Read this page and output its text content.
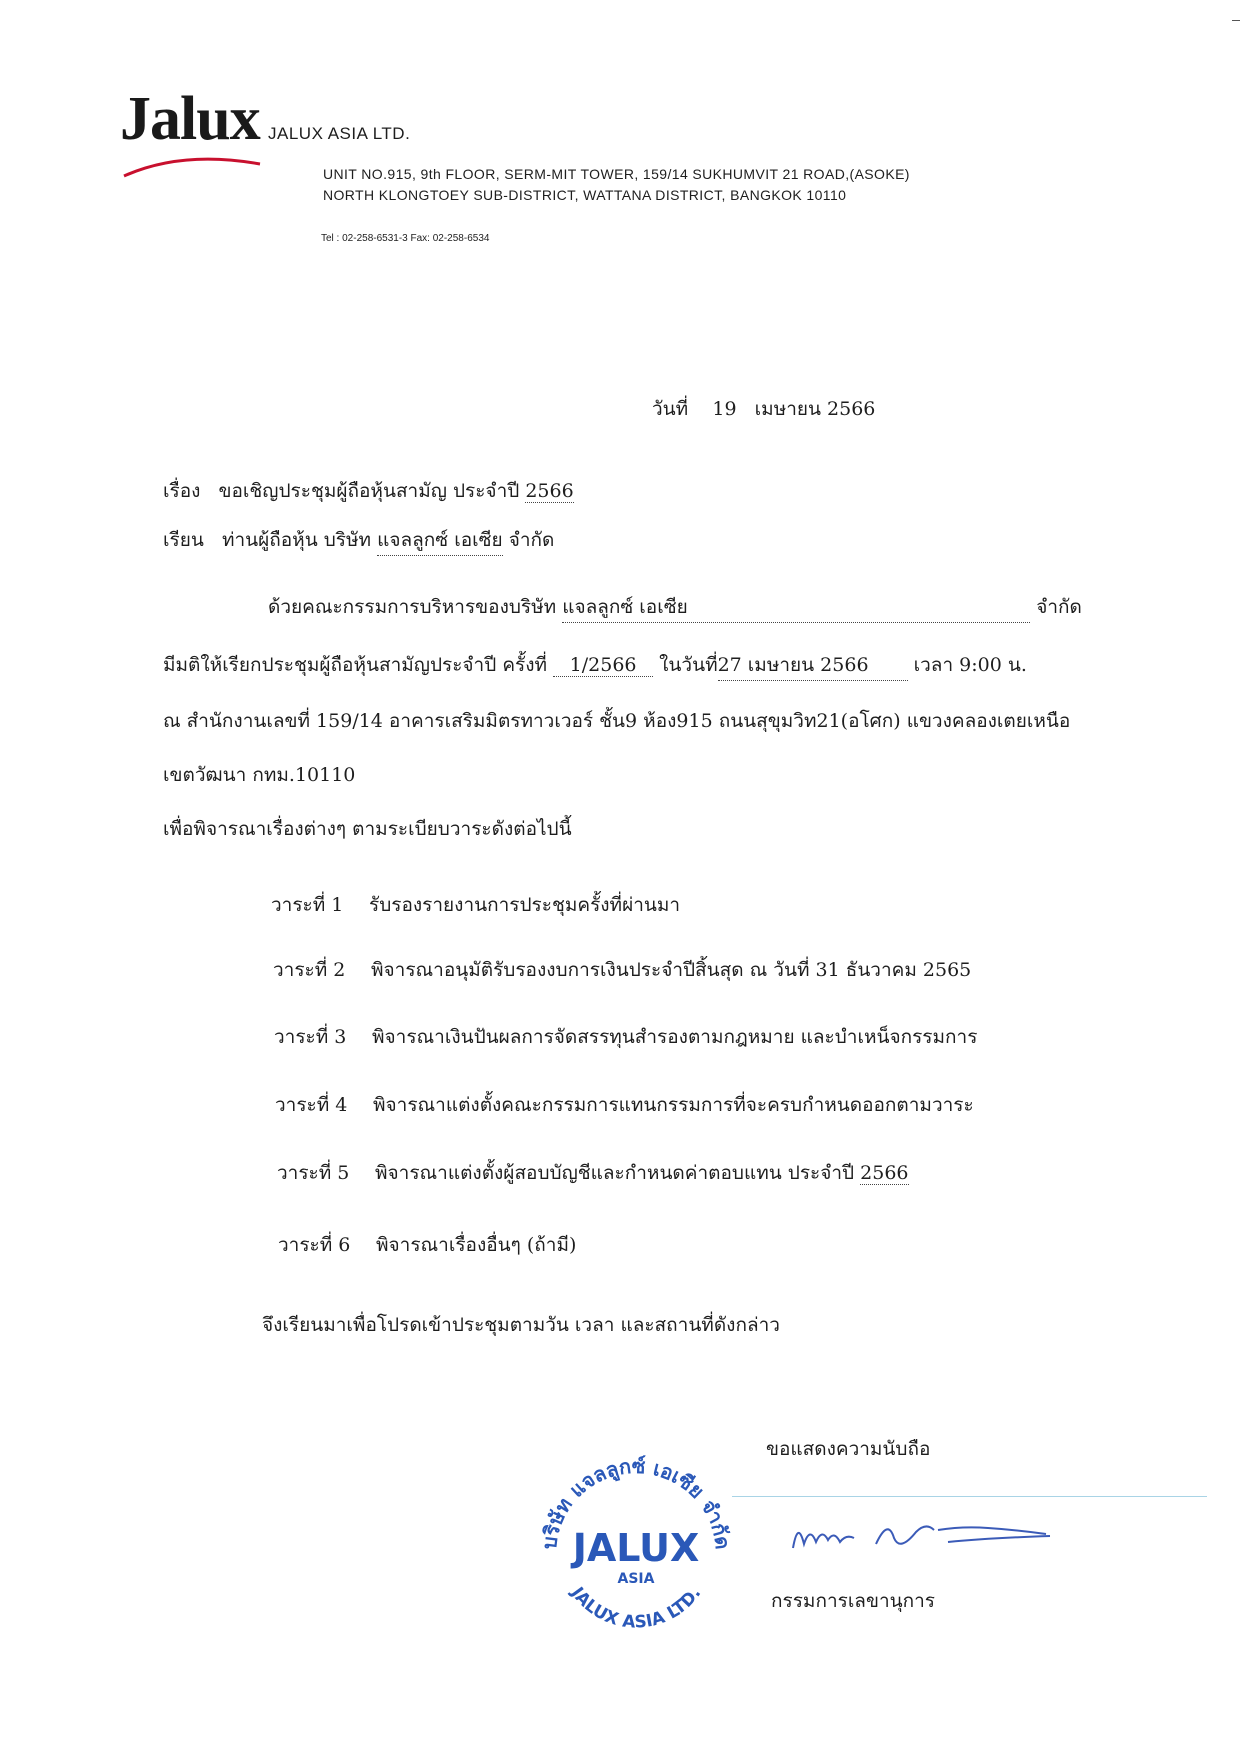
Jalux JALUX ASIA LTD.
UNIT NO.915, 9th FLOOR, SERM-MIT TOWER, 159/14 SUKHUMVIT 21 ROAD,(ASOKE)
NORTH KLONGTOEY SUB-DISTRICT, WATTANA DISTRICT, BANGKOK 10110
Tel : 02-258-6531-3 Fax: 02-258-6534
วันที่ 19 เมษายน 2566
เรื่อง ขอเชิญประชุมผู้ถือหุ้นสามัญ ประจำปี 2566
เรียน ท่านผู้ถือหุ้น บริษัท แจลลูกซ์ เอเซีย จำกัด
ด้วยคณะกรรมการบริหารของบริษัท แจลลูกซ์ เอเซีย	จำกัด
มีมติให้เรียกประชุมผู้ถือหุ้นสามัญประจำปี ครั้งที่ 1/2566 ในวันที่27 เมษายน 2566 เวลา 9:00 น.
ณ สำนักงานเลขที่ 159/14 อาคารเสริมมิตรทาวเวอร์ ชั้น9 ห้อง915 ถนนสุขุมวิท21(อโศก) แขวงคลองเตยเหนือ
เขตวัฒนา กทม.10110
เพื่อพิจารณาเรื่องต่างๆ ตามระเบียบวาระดังต่อไปนี้
วาระที่ 1 รับรองรายงานการประชุมครั้งที่ผ่านมา
วาระที่ 2 พิจารณาอนุมัติรับรองงบการเงินประจำปีสิ้นสุด ณ วันที่ 31 ธันวาคม 2565
วาระที่ 3 พิจารณาเงินปันผลการจัดสรรทุนสำรองตามกฎหมาย และบำเหน็จกรรมการ
วาระที่ 4 พิจารณาแต่งตั้งคณะกรรมการแทนกรรมการที่จะครบกำหนดออกตามวาระ
วาระที่ 5 พิจารณาแต่งตั้งผู้สอบบัญชีและกำหนดค่าตอบแทน ประจำปี 2566
วาระที่ 6 พิจารณาเรื่องอื่นๆ (ถ้ามี)
จึงเรียนมาเพื่อโปรดเข้าประชุมตามวัน เวลา และสถานที่ดังกล่าว
ขอแสดงความนับถือ
บริษัท แจลลูกซ์ เอเซีย จำกัด
JALUX
ASIA
JALUX ASIA LTD.	กรรมการเลขานุการ
